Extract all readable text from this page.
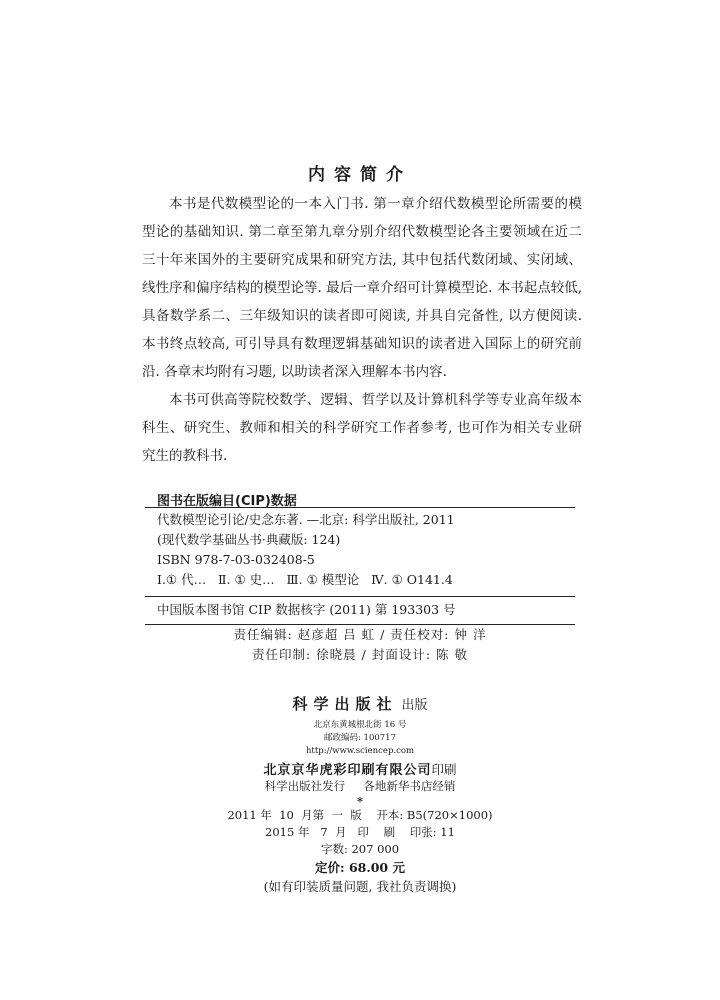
内容简介

本书是代数模型论的一本入门书. 第一章介绍代数模型论所需要的模型论的基础知识. 第二章至第九章分别介绍代数模型论各主要领域在近二三十年来国外的主要研究成果和研究方法, 其中包括代数闭域、实闭域、线性序和偏序结构的模型论等. 最后一章介绍可计算模型论. 本书起点较低, 具备数学系二、三年级知识的读者即可阅读, 并具自完备性, 以方便阅读. 本书终点较高, 可引导具有数理逻辑基础知识的读者进入国际上的研究前沿. 各章末均附有习题, 以助读者深入理解本书内容.

本书可供高等院校数学、逻辑、哲学以及计算机科学等专业高年级本科生、研究生、教师和相关的科学研究工作者参考, 也可作为相关专业研究生的教科书.

图书在版编目(CIP)数据
代数模型论引论/史念东著. —北京: 科学出版社, 2011
(现代数学基础丛书·典藏版: 124)
ISBN 978-7-03-032408-5
Ⅰ.① 代…   Ⅱ. ① 史…   Ⅲ. ① 模型论   Ⅳ. ① O141.4
中国版本图书馆 CIP 数据核字 (2011) 第 193303 号
责任编辑: 赵彦超 吕 虹 / 责任校对: 钟 洋
责任印制: 徐晓晨 / 封面设计: 陈 敬
科学出版社 出版
北京东黄城根北街 16 号
邮政编码: 100717
http://www.sciencep.com
北京京华虎彩印刷有限公司印刷
科学出版社发行     各地新华书店经销
*
2011 年  10  月第  一  版    开本: B5(720×1000)
2015 年   7  月   印    刷    印张: 11
字数: 207 000
定价: 68.00 元
(如有印装质量问题, 我社负责调换)
